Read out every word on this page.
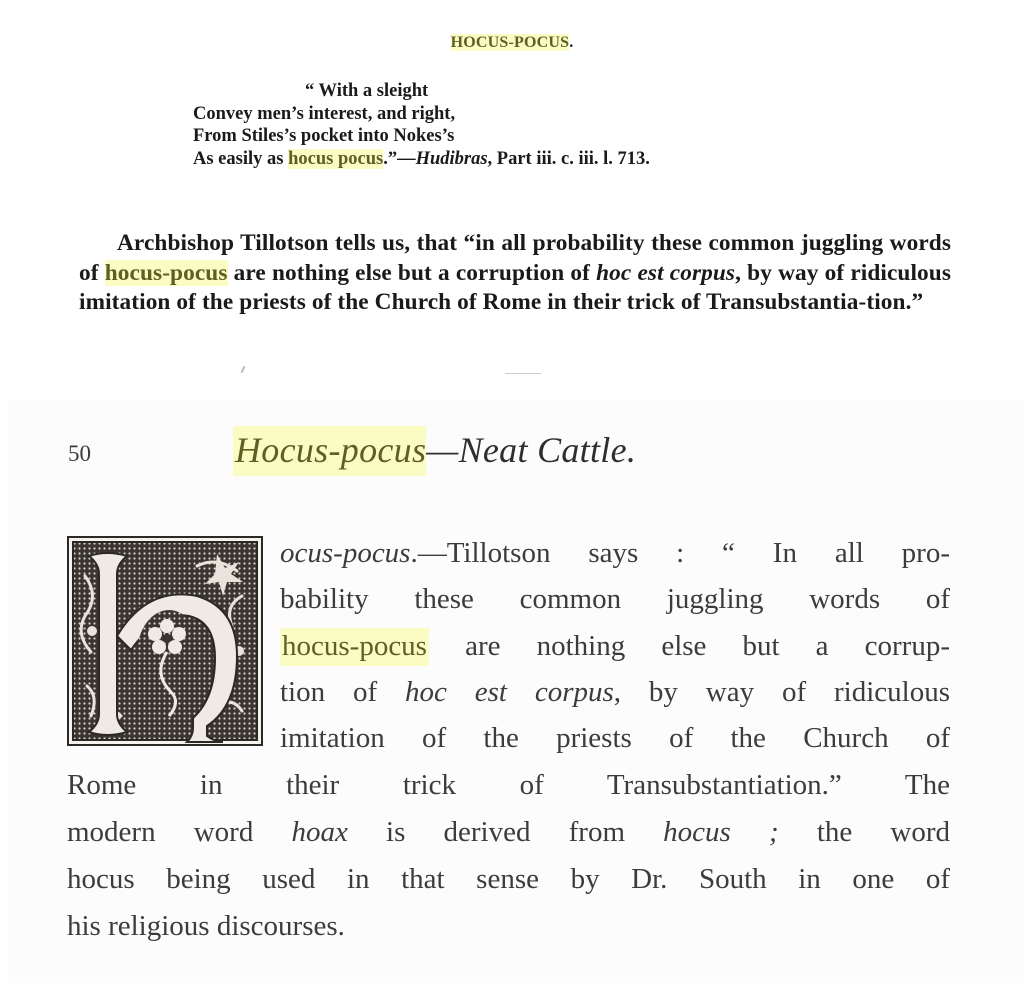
HOCUS-POCUS.
“ With a sleight
Convey men’s interest, and right,
From Stiles’s pocket into Nokes’s
As easily as hocus pocus.”—Hudibras, Part iii. c. iii. l. 713.

Archbishop Tillotson tells us, that “in all probability these common juggling words of hocus-pocus are nothing else but a corruption of hoc est corpus, by way of ridiculous imitation of the priests of the Church of Rome in their trick of Transubstantia-tion.”

50	Hocus-pocus—Neat Cattle.
ocus-pocus.—Tillotson says : “ In all pro-
bability these common juggling words of
hocus-pocus are nothing else but a corrup-
tion of hoc est corpus, by way of ridiculous
imitation of the priests of the Church of
Rome in their trick of Transubstantiation.” The
modern word hoax is derived from hocus ; the word
hocus being used in that sense by Dr. South in one of
his religious discourses.
